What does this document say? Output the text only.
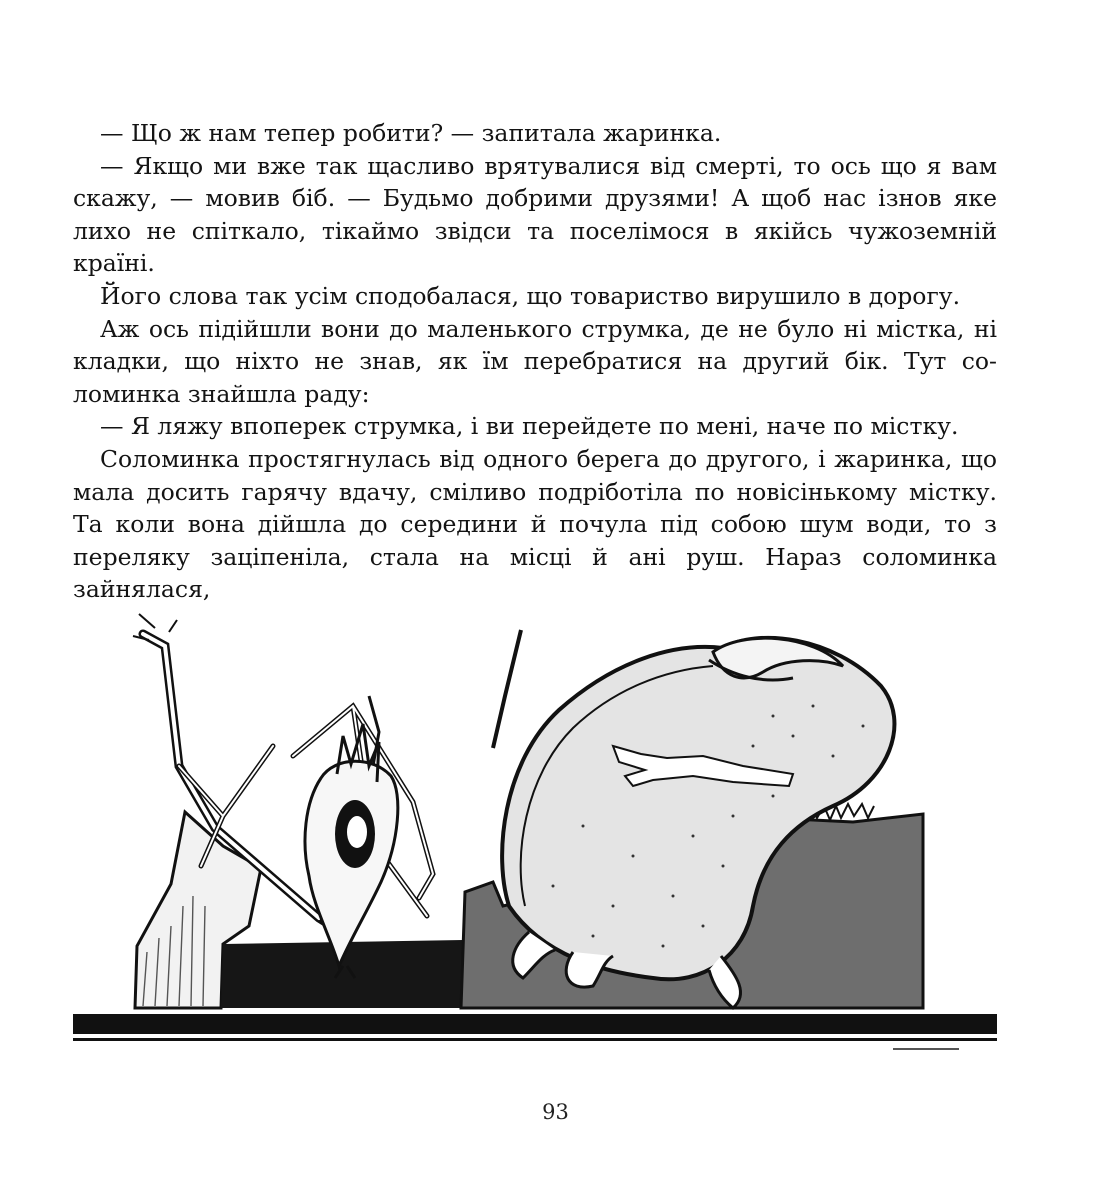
— Що ж нам тепер робити? — запитала жаринка.

— Якщо ми вже так щасливо врятувалися від смерті, то ось що я вам скажу, — мовив біб. — Будьмо добрими друзями! А щоб нас ізнов яке лихо не спіткало, тікаймо звідси та поселімося в якійсь чужоземній країні.

Його слова так усім сподобалася, що товариство вирушило в дорогу.

Аж ось підійшли вони до маленького струмка, де не було ні містка, ні кладки, що ніхто не знав, як їм перебратися на другий бік. Тут соломинка знайшла раду:

— Я ляжу впоперек струмка, і ви перейдете по мені, наче по містку.

Соломинка простягнулась від одного берега до другого, і жаринка, що мала досить гарячу вдачу, сміливо подріботіла по новісінькому містку. Та коли вона дійшла до середини й почула під собою шум води, то з переляку заціпеніла, стала на місці й ані руш. Нараз соломинка зайнялася,

93
